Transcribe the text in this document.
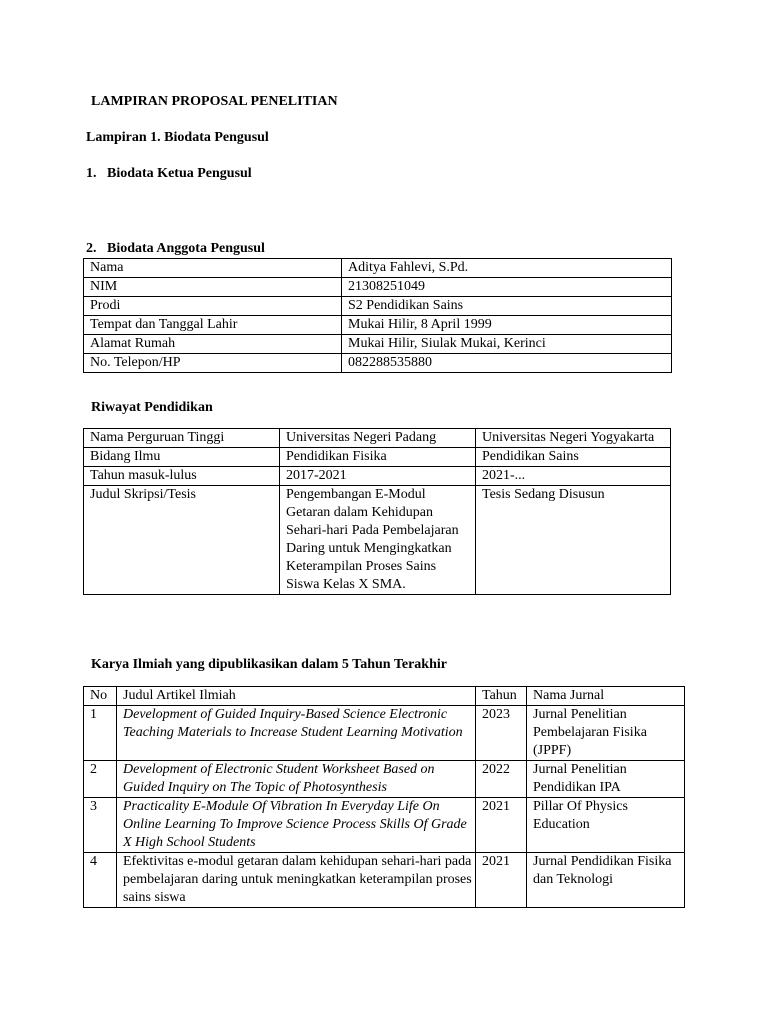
LAMPIRAN PROPOSAL PENELITIAN
Lampiran 1. Biodata Pengusul
1. Biodata Ketua Pengusul
2. Biodata Anggota Pengusul
Nama	Aditya Fahlevi, S.Pd.
NIM	21308251049
Prodi	S2 Pendidikan Sains
Tempat dan Tanggal Lahir	Mukai Hilir, 8 April 1999
Alamat Rumah	Mukai Hilir, Siulak Mukai, Kerinci
No. Telepon/HP	082288535880
Riwayat Pendidikan
Nama Perguruan Tinggi	Universitas Negeri Padang	Universitas Negeri Yogyakarta
Bidang Ilmu	Pendidikan Fisika	Pendidikan Sains
Tahun masuk-lulus	2017-2021	2021-...
Judul Skripsi/Tesis	Pengembangan E-Modul Getaran dalam Kehidupan Sehari-hari Pada Pembelajaran Daring untuk Mengingkatkan Keterampilan Proses Sains Siswa Kelas X SMA.	Tesis Sedang Disusun
Karya Ilmiah yang dipublikasikan dalam 5 Tahun Terakhir
No	Judul Artikel Ilmiah	Tahun	Nama Jurnal
1	Development of Guided Inquiry-Based Science Electronic Teaching Materials to Increase Student Learning Motivation	2023	Jurnal Penelitian Pembelajaran Fisika (JPPF)
2	Development of Electronic Student Worksheet Based on Guided Inquiry on The Topic of Photosynthesis	2022	Jurnal Penelitian Pendidikan IPA
3	Practicality E-Module Of Vibration In Everyday Life On Online Learning To Improve Science Process Skills Of Grade X High School Students	2021	Pillar Of Physics Education
4	Efektivitas e-modul getaran dalam kehidupan sehari-hari pada pembelajaran daring untuk meningkatkan keterampilan proses sains siswa	2021	Jurnal Pendidikan Fisika dan Teknologi
